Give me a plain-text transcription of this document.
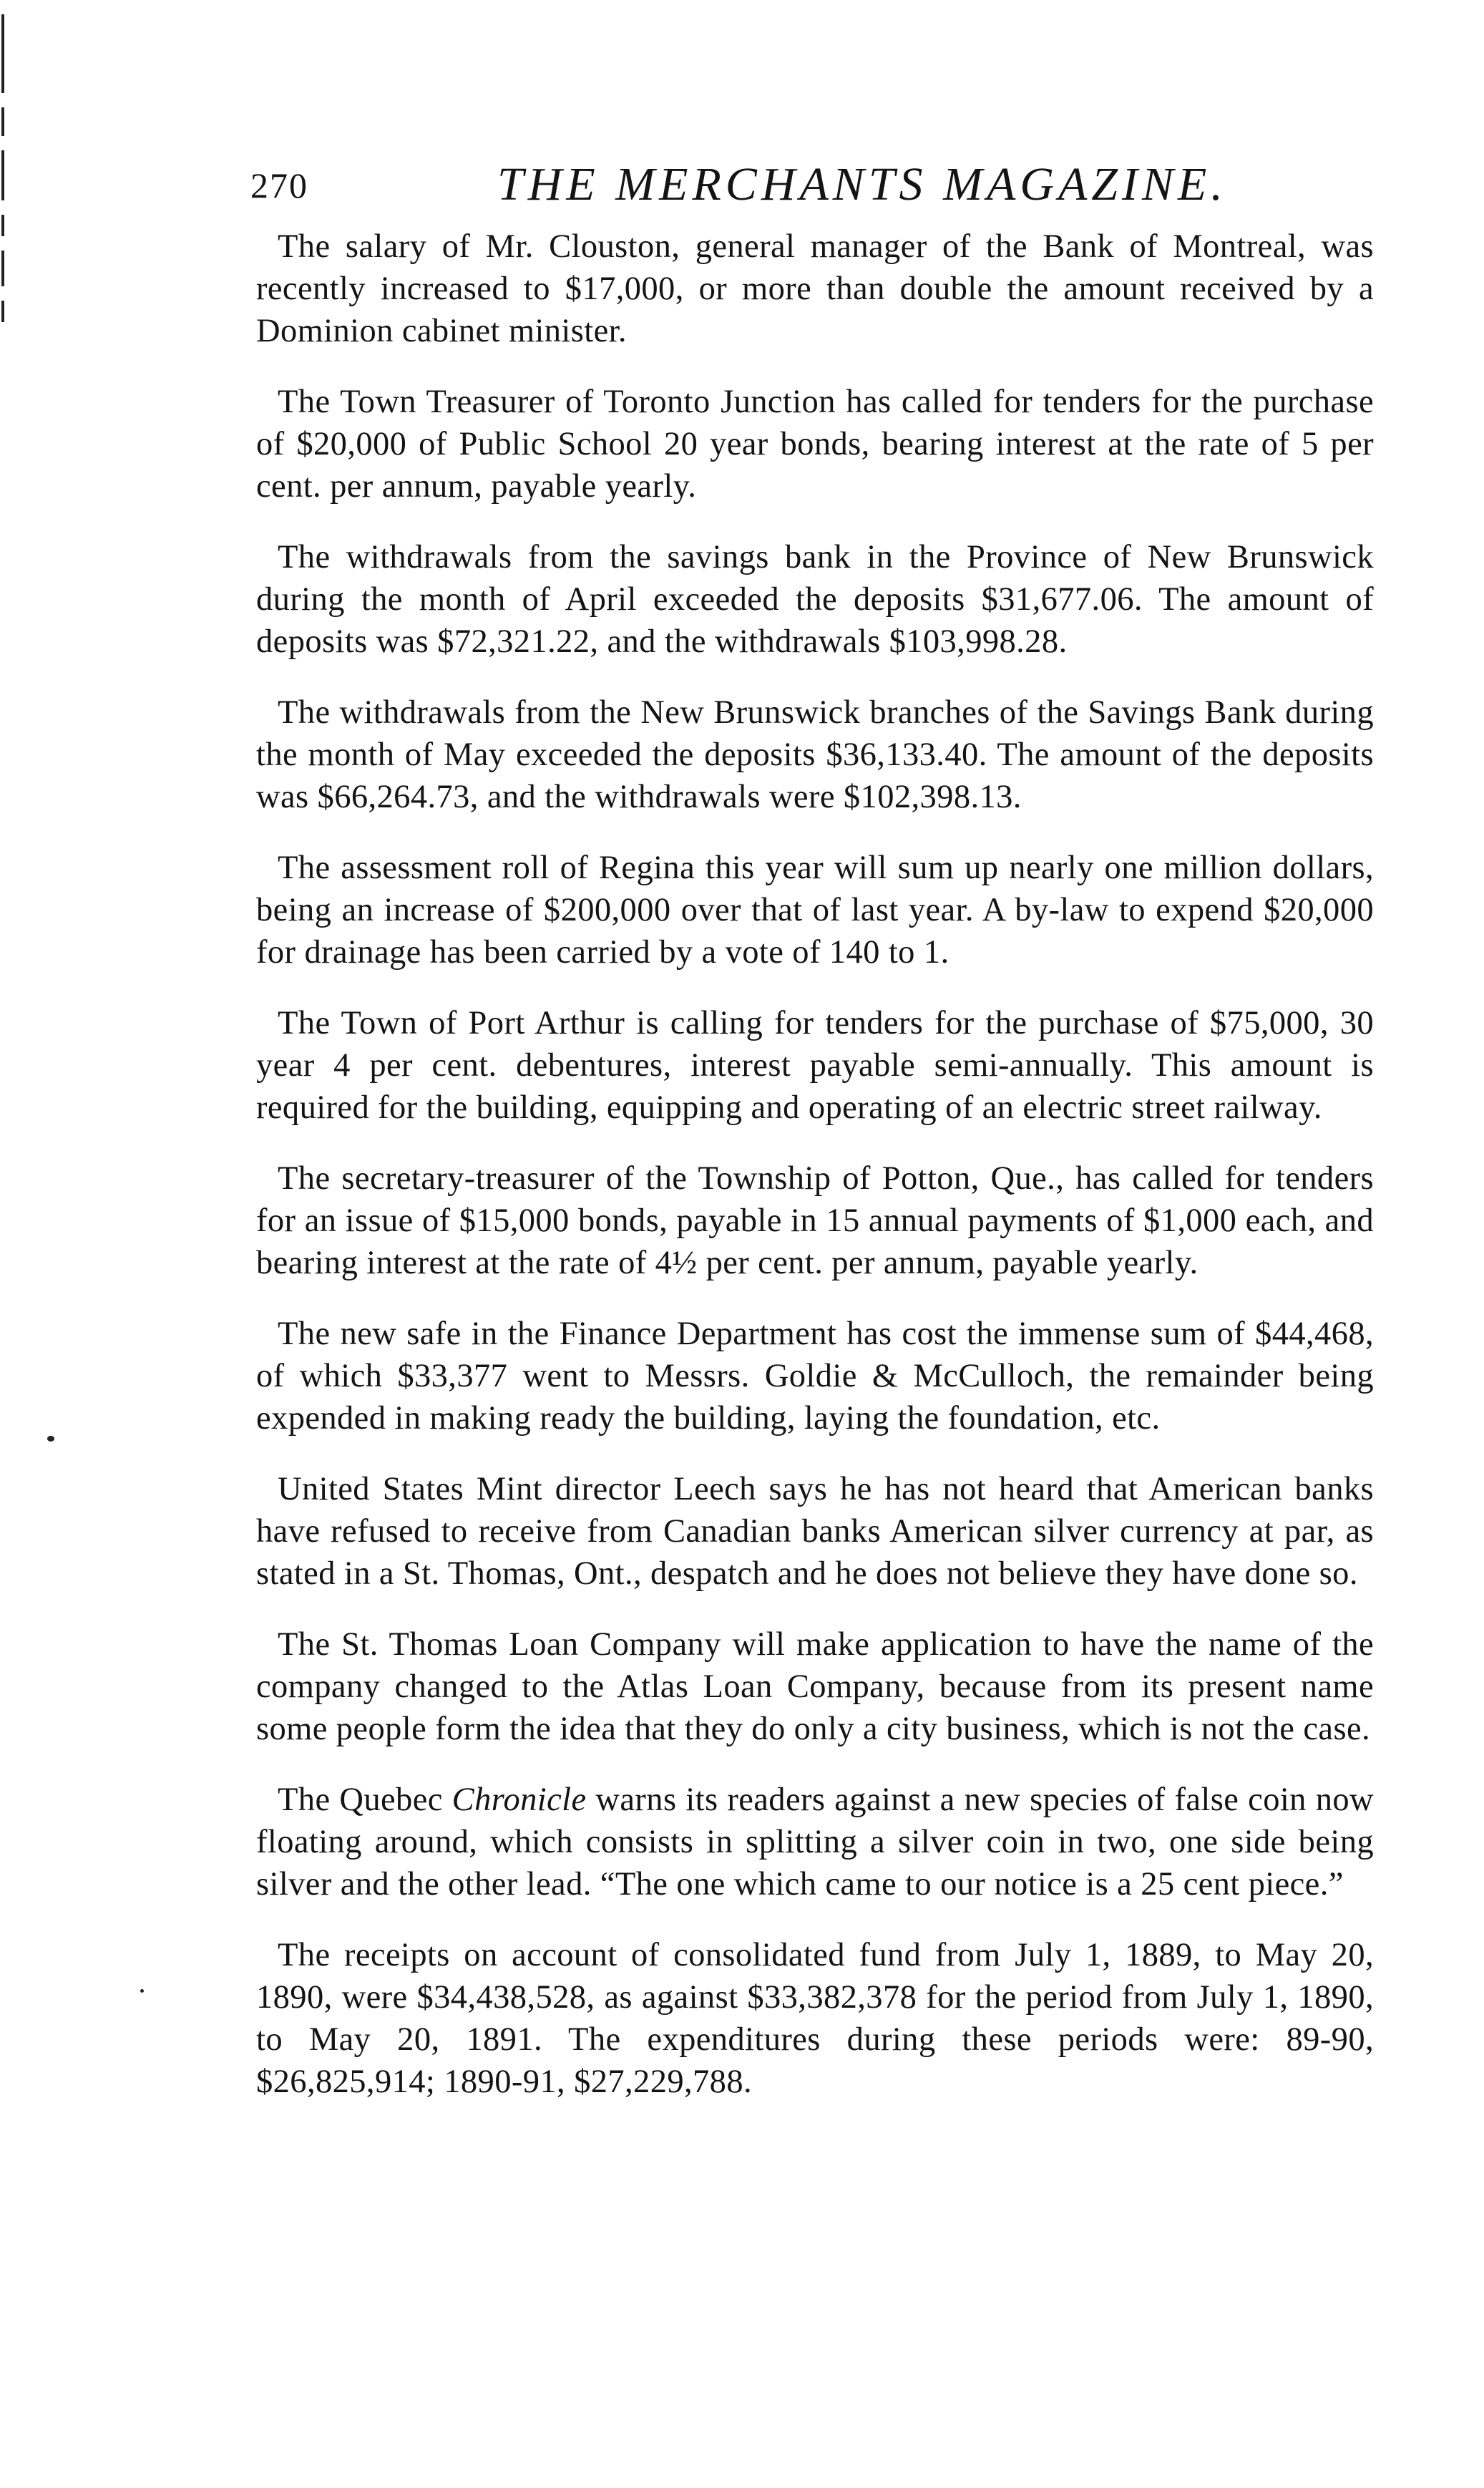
270	THE MERCHANTS MAGAZINE.

The salary of Mr. Clouston, general manager of the Bank of Montreal, was recently increased to $17,000, or more than double the amount received by a Dominion cabinet minister.

The Town Treasurer of Toronto Junction has called for tenders for the purchase of $20,000 of Public School 20 year bonds, bearing interest at the rate of 5 per cent. per annum, payable yearly.

The withdrawals from the savings bank in the Province of New Brunswick during the month of April exceeded the deposits $31,677.06. The amount of deposits was $72,321.22, and the withdrawals $103,998.28.

The withdrawals from the New Brunswick branches of the Savings Bank during the month of May exceeded the deposits $36,133.40. The amount of the deposits was $66,264.73, and the withdrawals were $102,398.13.

The assessment roll of Regina this year will sum up nearly one million dollars, being an increase of $200,000 over that of last year. A by-law to expend $20,000 for drainage has been carried by a vote of 140 to 1.

The Town of Port Arthur is calling for tenders for the purchase of $75,000, 30 year 4 per cent. debentures, interest payable semi-annually. This amount is required for the building, equipping and operating of an electric street railway.

The secretary-treasurer of the Township of Potton, Que., has called for tenders for an issue of $15,000 bonds, payable in 15 annual payments of $1,000 each, and bearing interest at the rate of 4½ per cent. per annum, payable yearly.

The new safe in the Finance Department has cost the immense sum of $44,468, of which $33,377 went to Messrs. Goldie & McCulloch, the remainder being expended in making ready the building, laying the foundation, etc.

United States Mint director Leech says he has not heard that American banks have refused to receive from Canadian banks American silver currency at par, as stated in a St. Thomas, Ont., despatch and he does not believe they have done so.

The St. Thomas Loan Company will make application to have the name of the company changed to the Atlas Loan Company, because from its present name some people form the idea that they do only a city business, which is not the case.

The Quebec Chronicle warns its readers against a new species of false coin now floating around, which consists in splitting a silver coin in two, one side being silver and the other lead. “The one which came to our notice is a 25 cent piece.”

The receipts on account of consolidated fund from July 1, 1889, to May 20, 1890, were $34,438,528, as against $33,382,378 for the period from July 1, 1890, to May 20, 1891. The expenditures during these periods were: 89-90, $26,825,914; 1890-91, $27,229,788.
